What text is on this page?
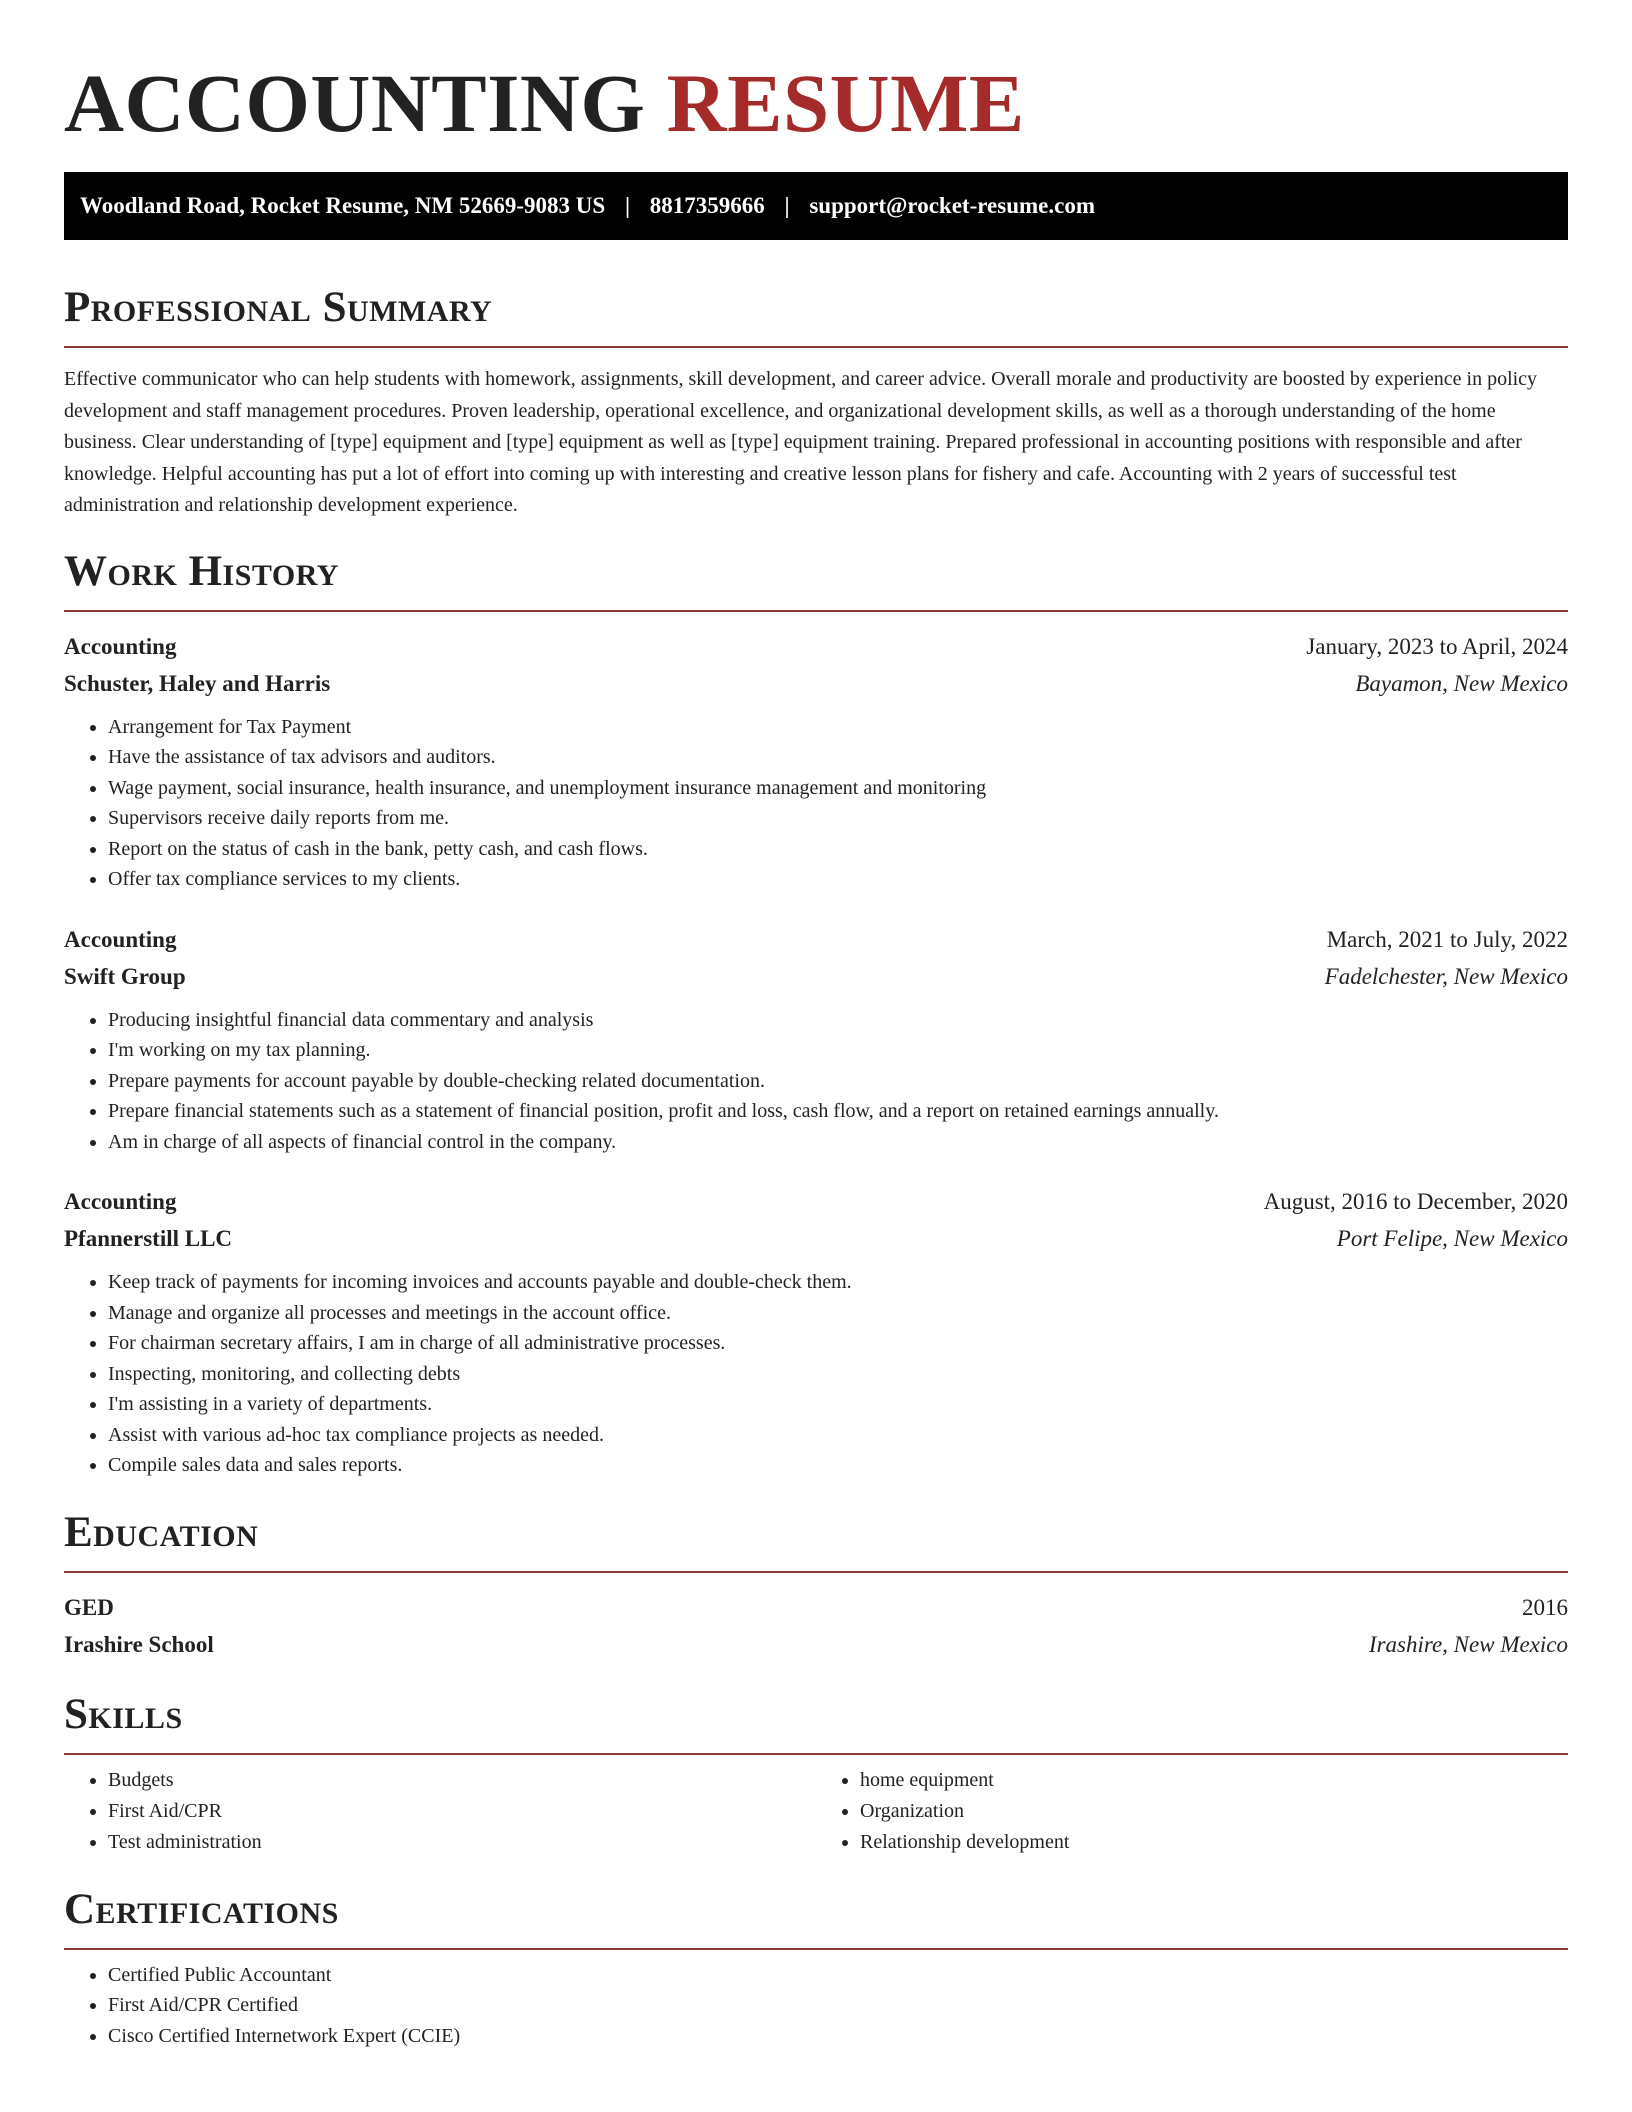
ACCOUNTING RESUME
Woodland Road, Rocket Resume, NM 52669-9083 US | 8817359666 | support@rocket-resume.com
Professional Summary

Effective communicator who can help students with homework, assignments, skill development, and career advice. Overall morale and productivity are boosted by experience in policy development and staff management procedures. Proven leadership, operational excellence, and organizational development skills, as well as a thorough understanding of the home business. Clear understanding of [type] equipment and [type] equipment as well as [type] equipment training. Prepared professional in accounting positions with responsible and after knowledge. Helpful accounting has put a lot of effort into coming up with interesting and creative lesson plans for fishery and cafe. Accounting with 2 years of successful test administration and relationship development experience.

Work History
Accounting	January, 2023 to April, 2024
Schuster, Haley and Harris	Bayamon, New Mexico
• Arrangement for Tax Payment
• Have the assistance of tax advisors and auditors.
• Wage payment, social insurance, health insurance, and unemployment insurance management and monitoring
• Supervisors receive daily reports from me.
• Report on the status of cash in the bank, petty cash, and cash flows.
• Offer tax compliance services to my clients.
Accounting	March, 2021 to July, 2022
Swift Group	Fadelchester, New Mexico
• Producing insightful financial data commentary and analysis
• I'm working on my tax planning.
• Prepare payments for account payable by double-checking related documentation.
• Prepare financial statements such as a statement of financial position, profit and loss, cash flow, and a report on retained earnings annually.
• Am in charge of all aspects of financial control in the company.
Accounting	August, 2016 to December, 2020
Pfannerstill LLC	Port Felipe, New Mexico
• Keep track of payments for incoming invoices and accounts payable and double-check them.
• Manage and organize all processes and meetings in the account office.
• For chairman secretary affairs, I am in charge of all administrative processes.
• Inspecting, monitoring, and collecting debts
• I'm assisting in a variety of departments.
• Assist with various ad-hoc tax compliance projects as needed.
• Compile sales data and sales reports.
Education
GED	2016
Irashire School	Irashire, New Mexico
Skills
• Budgets
• First Aid/CPR
• Test administration
• home equipment
• Organization
• Relationship development
Certifications
• Certified Public Accountant
• First Aid/CPR Certified
• Cisco Certified Internetwork Expert (CCIE)
